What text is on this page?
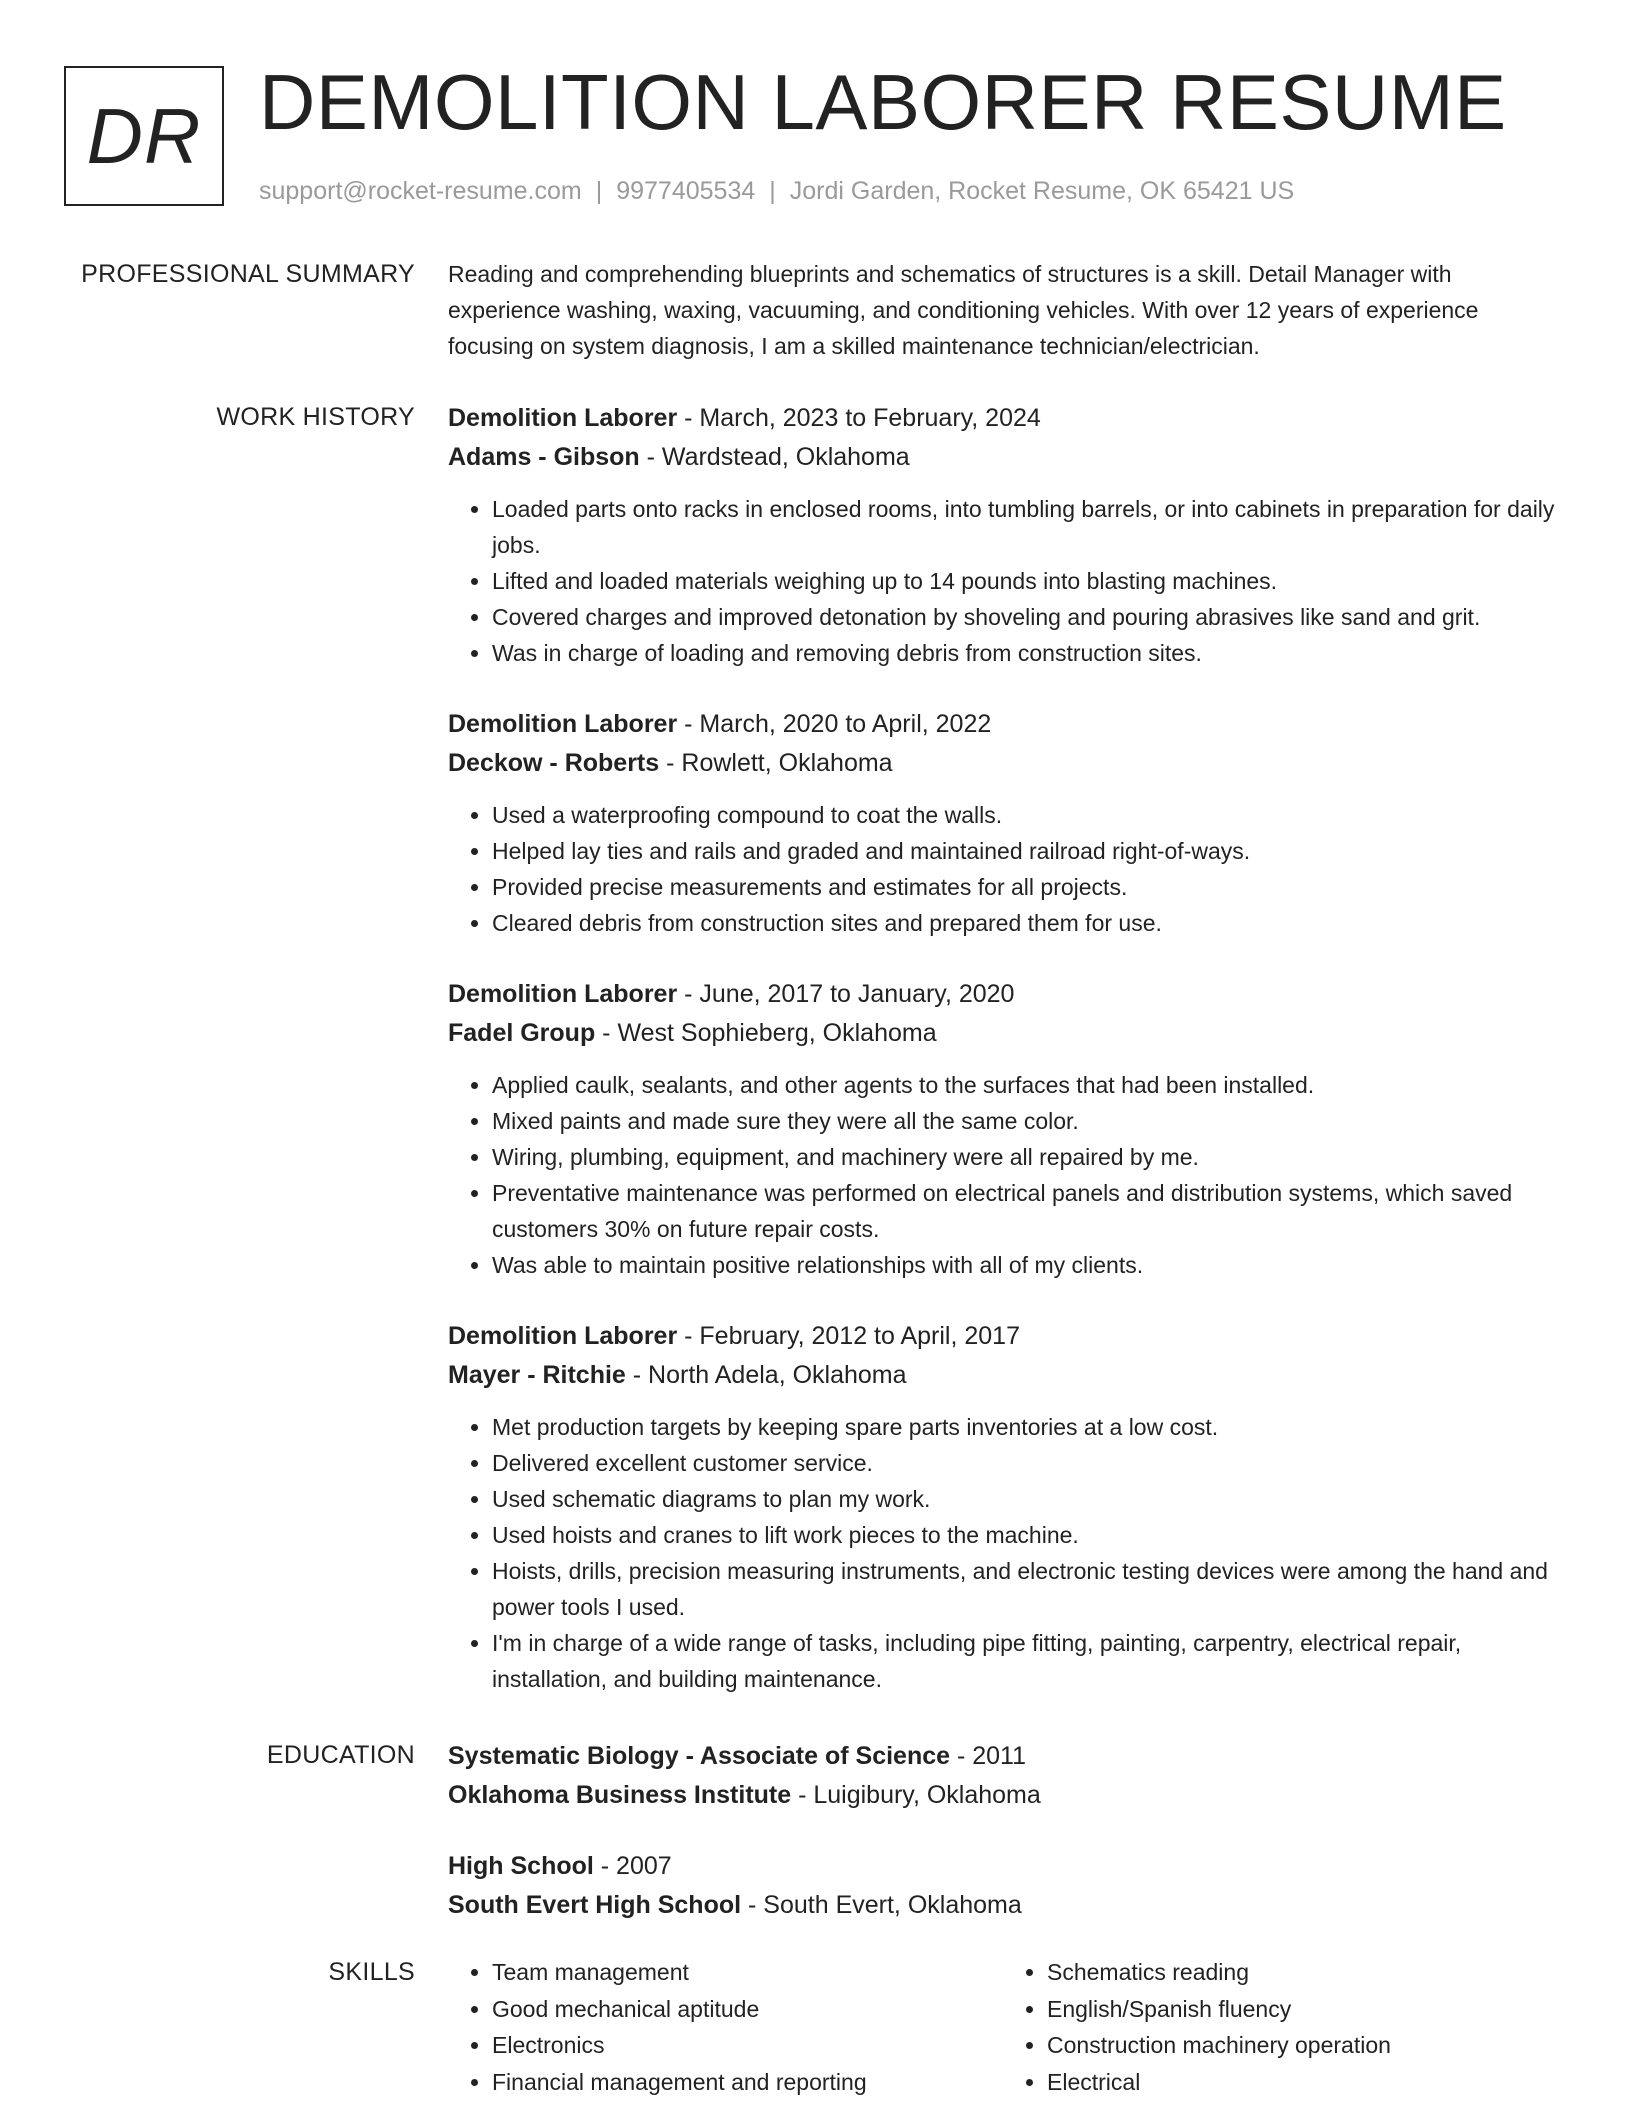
DR DEMOLITION LABORER RESUME
support@rocket-resume.com | 9977405534 | Jordi Garden, Rocket Resume, OK 65421 US
PROFESSIONAL SUMMARY Reading and comprehending blueprints and schematics of structures is a skill. Detail Manager with experience washing, waxing, vacuuming, and conditioning vehicles. With over 12 years of experience focusing on system diagnosis, I am a skilled maintenance technician/electrician.

WORK HISTORY Demolition Laborer - March, 2023 to February, 2024
Adams - Gibson - Wardstead, Oklahoma
• Loaded parts onto racks in enclosed rooms, into tumbling barrels, or into cabinets in preparation for daily jobs.
• Lifted and loaded materials weighing up to 14 pounds into blasting machines.
• Covered charges and improved detonation by shoveling and pouring abrasives like sand and grit.
• Was in charge of loading and removing debris from construction sites.
Demolition Laborer - March, 2020 to April, 2022
Deckow - Roberts - Rowlett, Oklahoma
• Used a waterproofing compound to coat the walls.
• Helped lay ties and rails and graded and maintained railroad right-of-ways.
• Provided precise measurements and estimates for all projects.
• Cleared debris from construction sites and prepared them for use.
Demolition Laborer - June, 2017 to January, 2020
Fadel Group - West Sophieberg, Oklahoma
• Applied caulk, sealants, and other agents to the surfaces that had been installed.
• Mixed paints and made sure they were all the same color.
• Wiring, plumbing, equipment, and machinery were all repaired by me.
• Preventative maintenance was performed on electrical panels and distribution systems, which saved customers 30% on future repair costs.
• Was able to maintain positive relationships with all of my clients.
Demolition Laborer - February, 2012 to April, 2017
Mayer - Ritchie - North Adela, Oklahoma
• Met production targets by keeping spare parts inventories at a low cost.
• Delivered excellent customer service.
• Used schematic diagrams to plan my work.
• Used hoists and cranes to lift work pieces to the machine.
• Hoists, drills, precision measuring instruments, and electronic testing devices were among the hand and power tools I used.
• I'm in charge of a wide range of tasks, including pipe fitting, painting, carpentry, electrical repair, installation, and building maintenance.
EDUCATION Systematic Biology - Associate of Science - 2011
Oklahoma Business Institute - Luigibury, Oklahoma
High School - 2007
South Evert High School - South Evert, Oklahoma
SKILLS
•	Team management
• Good mechanical aptitude
• Electronics
• Financial management and reporting
• Schematics reading
• English/Spanish fluency
• Construction machinery operation
• Electrical
